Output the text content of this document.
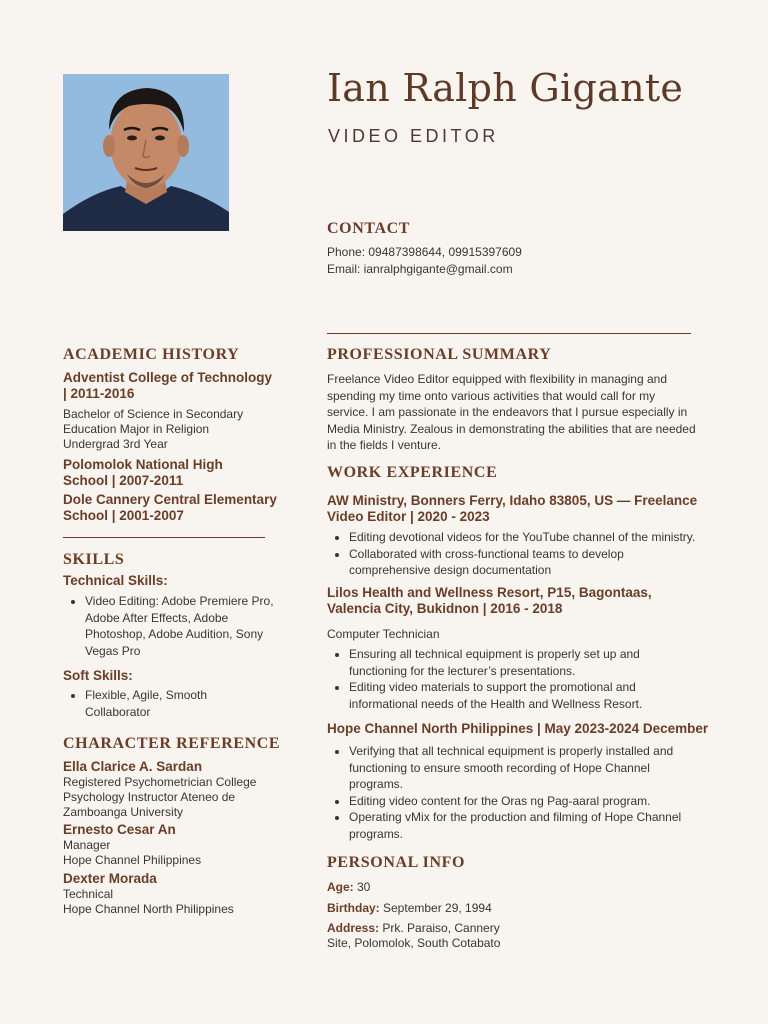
Ian Ralph Gigante
VIDEO EDITOR
CONTACT
Phone: 09487398644, 09915397609
Email: ianralphgigante@gmail.com
ACADEMIC HISTORY
Adventist College of Technology | 2011-2016
Bachelor of Science in Secondary Education Major in Religion Undergrad 3rd Year
Polomolok National High School | 2007-2011
Dole Cannery Central Elementary School | 2001-2007
SKILLS
Technical Skills:
• Video Editing: Adobe Premiere Pro, Adobe After Effects, Adobe Photoshop, Adobe Audition, Sony Vegas Pro
Soft Skills:
• Flexible, Agile, Smooth Collaborator
CHARACTER REFERENCE
Ella Clarice A. Sardan
Registered Psychometrician College Psychology Instructor Ateneo de Zamboanga University
Ernesto Cesar An
Manager
Hope Channel Philippines
Dexter Morada
Technical
Hope Channel North Philippines
PROFESSIONAL SUMMARY
Freelance Video Editor equipped with flexibility in managing and spending my time onto various activities that would call for my service. I am passionate in the endeavors that I pursue especially in Media Ministry. Zealous in demonstrating the abilities that are needed in the fields I venture.
WORK EXPERIENCE
AW Ministry, Bonners Ferry, Idaho 83805, US — Freelance Video Editor | 2020 - 2023
• Editing devotional videos for the YouTube channel of the ministry.
• Collaborated with cross-functional teams to develop comprehensive design documentation
Lilos Health and Wellness Resort, P15, Bagontaas, Valencia City, Bukidnon | 2016 - 2018
Computer Technician
• Ensuring all technical equipment is properly set up and functioning for the lecturer’s presentations.
• Editing video materials to support the promotional and informational needs of the Health and Wellness Resort.
Hope Channel North Philippines | May 2023-2024 December
• Verifying that all technical equipment is properly installed and functioning to ensure smooth recording of Hope Channel programs.
• Editing video content for the Oras ng Pag-aaral program.
• Operating vMix for the production and filming of Hope Channel programs.
PERSONAL INFO
Age: 30
Birthday: September 29, 1994
Address: Prk. Paraiso, Cannery Site, Polomolok, South Cotabato
